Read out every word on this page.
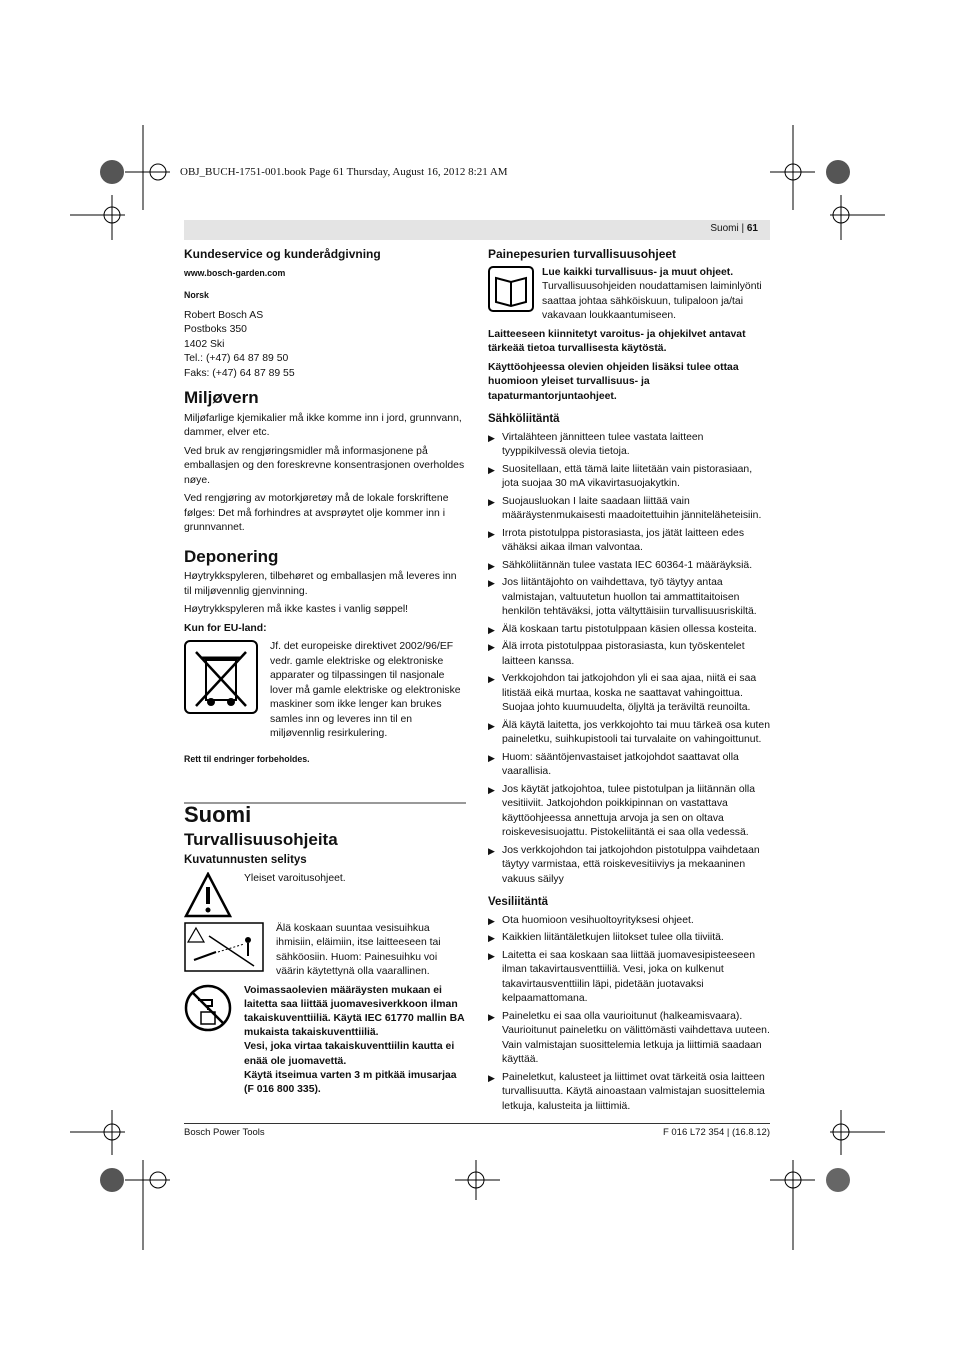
OBJ_BUCH-1751-001.book Page 61 Thursday, August 16, 2012 8:21 AM
Suomi | 61
Kundeservice og kunderådgivning

www.bosch-garden.com

Norsk

Robert Bosch AS

Postboks 350

1402 Ski

Tel.: (+47) 64 87 89 50

Faks: (+47) 64 87 89 55

Miljøvern

Miljøfarlige kjemikalier må ikke komme inn i jord, grunnvann, dammer, elver etc.

Ved bruk av rengjøringsmidler må informasjonene på emballasjen og den foreskrevne konsentrasjonen overholdes nøye.

Ved rengjøring av motorkjøretøy må de lokale forskriftene følges: Det må forhindres at avsprøytet olje kommer inn i grunnvannet.

Deponering

Høytrykkspyleren, tilbehøret og emballasjen må leveres inn til miljøvennlig gjenvinning.

Høytrykkspyleren må ikke kastes i vanlig søppel!

Kun for EU-land:

Jf. det europeiske direktivet 2002/96/EF vedr. gamle elektriske og elektroniske apparater og tilpassingen til nasjonale lover må gamle elektriske og elektroniske maskiner som ikke lenger kan brukes samles inn og leveres inn til en miljøvennlig resirkulering.

Rett til endringer forbeholdes.

Suomi
Turvallisuusohjeita
Kuvatunnusten selitys
Yleiset varoitusohjeet.
Älä koskaan suuntaa vesisuihkua ihmisiin, eläimiin, itse laitteeseen tai sähköosiin. Huom: Painesuihku voi väärin käytettynä olla vaarallinen.
Voimassaolevien määräysten mukaan ei laitetta saa liittää juomavesiverkkoon ilman takaiskuventtiiliä. Käytä IEC 61770 mallin BA mukaista takaiskuventtiiliä.
Vesi, joka virtaa takaiskuventtiilin kautta ei enää ole juomavettä.
Käytä itseimua varten 3 m pitkää imusarjaa (F 016 800 335).
Painepesurien turvallisuusohjeet
Lue kaikki turvallisuus- ja muut ohjeet. Turvallisuusohjeiden noudattamisen laiminlyönti saattaa johtaa sähköiskuun, tulipaloon ja/tai vakavaan loukkaantumiseen.

Laitteeseen kiinnitetyt varoitus- ja ohjekilvet antavat tärkeää tietoa turvallisesta käytöstä.

Käyttöohjeessa olevien ohjeiden lisäksi tulee ottaa huomioon yleiset turvallisuus- ja tapaturmantorjuntaohjeet.

Sähköliitäntä
▶ Virtalähteen jännitteen tulee vastata laitteen tyyppikilvessä olevia tietoja.
▶ Suositellaan, että tämä laite liitetään vain pistorasiaan, jota suojaa 30 mA vikavirtasuojakytkin.
▶ Suojausluokan I laite saadaan liittää vain määräystenmukaisesti maadoitettuihin jänniteläheteisiin.
▶ Irrota pistotulppa pistorasiasta, jos jätät laitteen edes vähäksi aikaa ilman valvontaa.
▶ Sähköliitännän tulee vastata IEC 60364-1 määräyksiä.
▶ Jos liitäntäjohto on vaihdettava, työ täytyy antaa valmistajan, valtuutetun huollon tai ammattitaitoisen henkilön tehtäväksi, jotta vältyttäisiin turvallisuusriskiltä.
▶ Älä koskaan tartu pistotulppaan käsien ollessa kosteita.
▶ Älä irrota pistotulppaa pistorasiasta, kun työskentelet laitteen kanssa.
▶ Verkkojohdon tai jatkojohdon yli ei saa ajaa, niitä ei saa litistää eikä murtaa, koska ne saattavat vahingoittua. Suojaa johto kuumuudelta, öljyltä ja teräviltä reunoilta.
▶ Älä käytä laitetta, jos verkkojohto tai muu tärkeä osa kuten paineletku, suihkupistooli tai turvalaite on vahingoittunut.
▶ Huom: sääntöjenvastaiset jatkojohdot saattavat olla vaarallisia.
▶ Jos käytät jatkojohtoa, tulee pistotulpan ja liitännän olla vesitiiviit. Jatkojohdon poikkipinnan on vastattava käyttöohjeessa annettuja arvoja ja sen on oltava roiskevesisuojattu. Pistokeliitäntä ei saa olla vedessä.
▶ Jos verkkojohdon tai jatkojohdon pistotulppa vaihdetaan täytyy varmistaa, että roiskevesitiiviys ja mekaaninen vakuus säilyy
Vesiliitäntä
▶ Ota huomioon vesihuoltoyrityksesi ohjeet.
▶ Kaikkien liitäntäletkujen liitokset tulee olla tiiviitä.
▶ Laitetta ei saa koskaan saa liittää juomavesipisteeseen ilman takavirtausventtiiliä. Vesi, joka on kulkenut takavirtausventtiilin läpi, pidetään juotavaksi kelpaamattomana.
▶ Paineletku ei saa olla vaurioitunut (halkeamisvaara). Vaurioitunut paineletku on välittömästi vaihdettava uuteen. Vain valmistajan suosittelemia letkuja ja liittimiä saadaan käyttää.
▶ Paineletkut, kalusteet ja liittimet ovat tärkeitä osia laitteen turvallisuutta. Käytä ainoastaan valmistajan suosittelemia letkuja, kalusteita ja liittimiä.
Bosch Power Tools	F 016 L72 354 | (16.8.12)
